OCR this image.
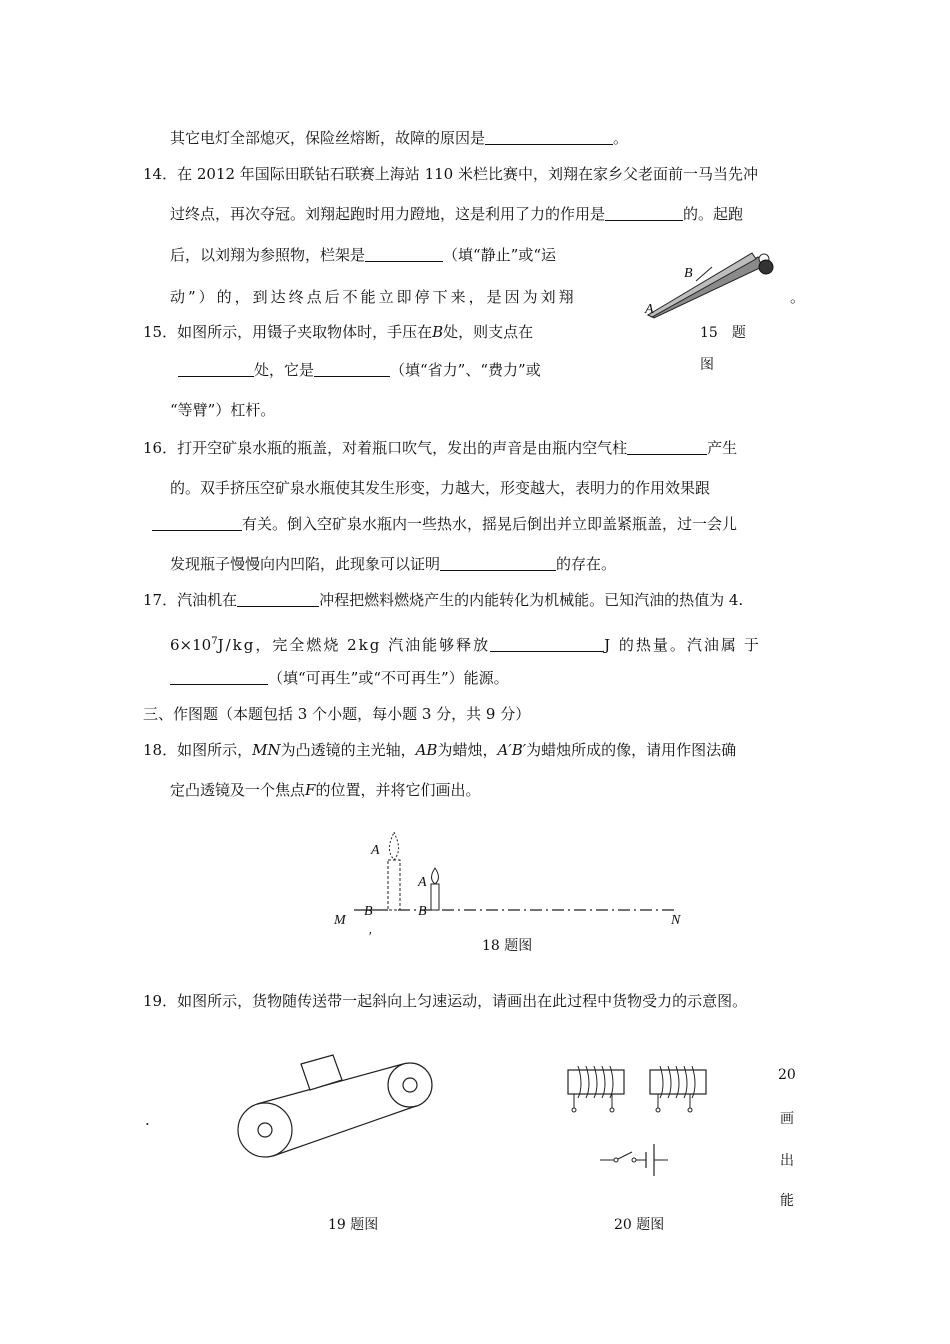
其它电灯全部熄灭，保险丝熔断，故障的原因是	。
14．在 2012 年国际田联钻石联赛上海站 110 米栏比赛中，刘翔在家乡父老面前一马当先冲
过终点，再次夺冠。刘翔起跑时用力蹬地，这是利用了力的作用是	的。起跑
后，以刘翔为参照物，栏架是	（填“静止”或“运
动”）的，到达终点后不能立即停下来，是因为刘翔	。
15．如图所示，用镊子夹取物体时，手压在B处，则支点在
处，它是	（填“省力”、“费力”或
“等臂”）杠杆。
B
A
15　题
图
16．打开空矿泉水瓶的瓶盖，对着瓶口吹气，发出的声音是由瓶内空气柱	产生
的。双手挤压空矿泉水瓶使其发生形变，力越大，形变越大，表明力的作用效果跟
有关。倒入空矿泉水瓶内一些热水，摇晃后倒出并立即盖紧瓶盖，过一会儿
发现瓶子慢慢向内凹陷，此现象可以证明	的存在。
17．汽油机在	冲程把燃料燃烧产生的内能转化为机械能。已知汽油的热值为 4.
$6\times 10^7J/kg$，完全燃烧 2kg 汽油能够释放	J 的热量。汽油属 于
（填“可再生”或“不可再生”）能源。
三、作图题（本题包括 3 个小题，每小题 3 分，共 9 分）
18．如图所示，MN为凸透镜的主光轴，AB为蜡烛，A′B′为蜡烛所成的像，请用作图法确
定凸透镜及一个焦点F的位置，并将它们画出。
A
A
M
B	B
N
′
18 题图
19．如图所示，货物随传送带一起斜向上匀速运动，请画出在此过程中货物受力的示意图。
.
19 题图	20 题图
20
画
出
能
